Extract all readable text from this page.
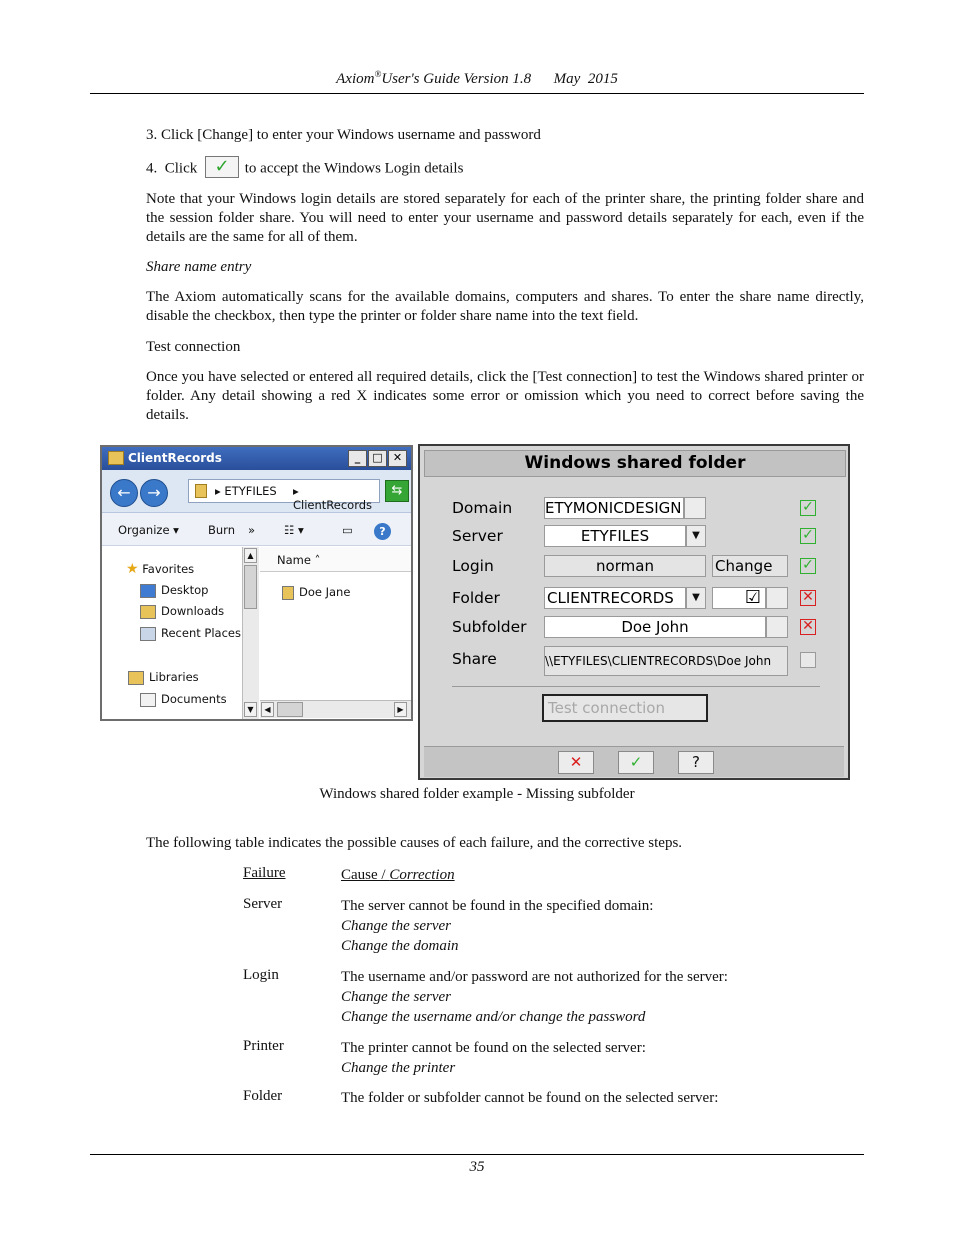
Axiom®User's Guide Version 1.8      May  2015

3. Click [Change] to enter your Windows username and password

4.  Click ✓ to accept the Windows Login details

Note that your Windows login details are stored separately for each of the printer share, the printing folder share and the session folder share. You will need to enter your username and password details separately for each, even if the details are the same for all of them.

Share name entry

The Axiom automatically scans for the available domains, computers and shares. To enter the share name directly, disable the checkbox, then type the printer or folder share name into the text field.

Test connection

Once you have selected or entered all required details, click the [Test connection] to test the Windows shared printer or folder. Any detail showing a red X indicates some error or omission which you need to correct before saving the details.

ClientRecords	_ □ ✕
←	→	▸ ETYFILES ▸ ClientRecords
⇆
Organize ▾	Burn »	☷ ▾	▭	?
★ Favorites
Desktop
Downloads
Recent Places
Libraries
Documents
▲
▼
Name ˄
Doe Jane
◀	▶
Windows shared folder
Domain ETYMONICDESIGN	✓
Server	ETYFILES	▼	✓
Login	norman	Change	✓
Folder	CLIENTRECORDS	▼	☑	✕
Subfolder	Doe John	✕
Share	\\ETYFILES\CLIENTRECORDS\Doe John
Test connection
✕	✓	?
Windows shared folder example - Missing subfolder

The following table indicates the possible causes of each failure, and the corrective steps.

Failure	Cause / Correction
Server	The server cannot be found in the specified domain:
Change the server
Change the domain
Login	The username and/or password are not authorized for the server:
Change the server
Change the username and/or change the password
Printer	The printer cannot be found on the selected server:
Change the printer
Folder	The folder or subfolder cannot be found on the selected server:
35
